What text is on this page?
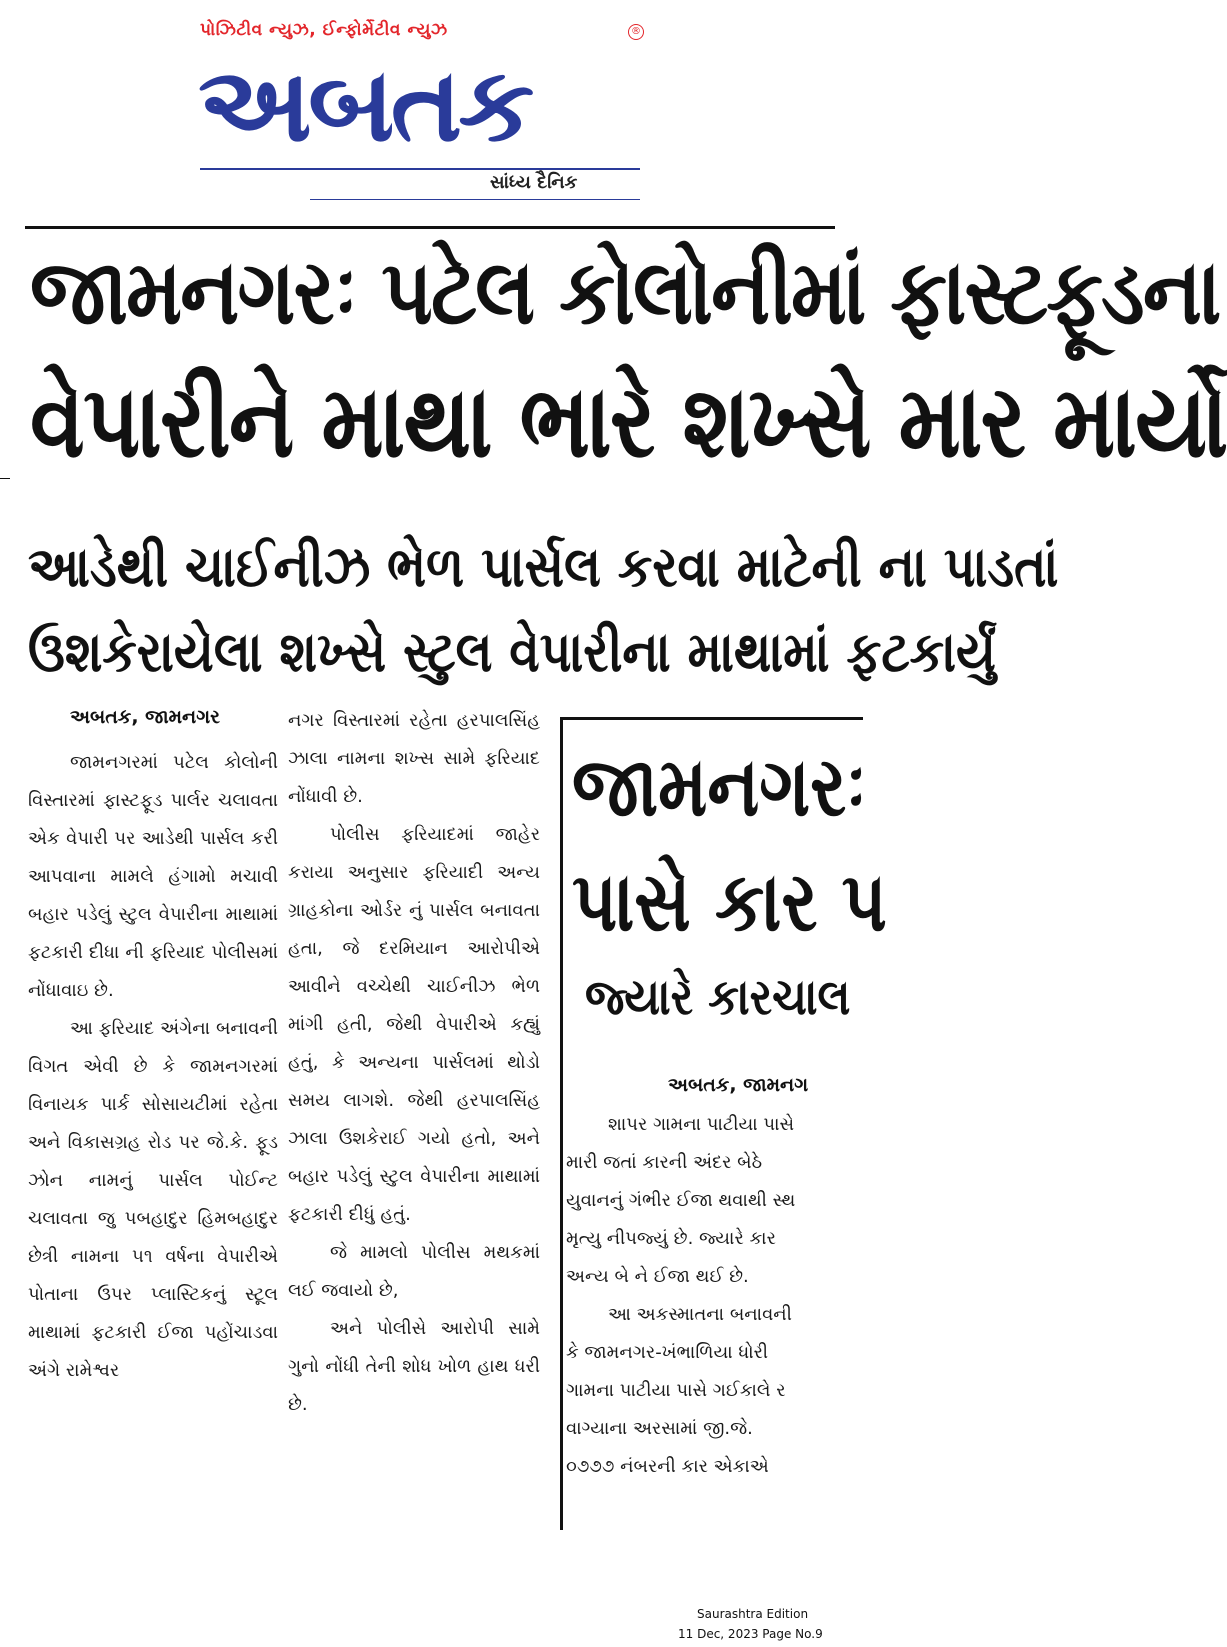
પોઝિટીવ ન્યુઝ, ઈન્ફોર્મેટીવ ન્યુઝ	®
અબતક
સાંધ્ય દૈનિક
જામનગરઃ પટેલ કોલોનીમાં ફાસ્ટફૂડના
વેપારીને માથા ભારે શખ્સે માર માર્યો
આડેથી ચાઈનીઝ ભેળ પાર્સલ કરવા માટેની ના પાડતાં
ઉશકેરાયેલા શખ્સે સ્ટુલ વેપારીના માથામાં ફટકાર્યું
અબતક, જામનગર

જામનગરમાં પટેલ કોલોની વિસ્તારમાં ફાસ્ટફૂડ પાર્લર ચલાવતા એક વેપારી પર આડેથી પાર્સલ કરી આપવાના મામલે હંગામો મચાવી બહાર પડેલું સ્ટુલ વેપારીના માથામાં ફટકારી દીધા ની ફરિયાદ પોલીસમાં નોંધાવાઇ છે.

આ ફરિયાદ અંગેના બનાવની વિગત એવી છે કે જામનગરમાં વિનાયક પાર્ક સોસાયટીમાં રહેતા અને વિકાસગ્રહ રોડ પર જે.કે. ફૂડ ઝોન નામનું પાર્સલ પોઈન્ટ ચલાવતા જુ પબહાદુર હિમબહાદુર છેત્રી નામના ૫૧ વર્ષના વેપારીએ પોતાના ઉપર પ્લાસ્ટિકનું સ્ટૂલ માથામાં ફટકારી ઈજા પહોંચાડવા અંગે રામેશ્વર

નગર વિસ્તારમાં રહેતા હરપાલસિંહ ઝાલા નામના શખ્સ સામે ફરિયાદ નોંધાવી છે.

પોલીસ ફરિયાદમાં જાહેર કરાયા અનુસાર ફરિયાદી અન્ય ગ્રાહકોના ઓર્ડર નું પાર્સલ બનાવતા હતા, જે દરમિયાન આરોપીએ આવીને વચ્ચેથી ચાઈનીઝ ભેળ માંગી હતી, જેથી વેપારીએ કહ્યું હતું, કે અન્યના પાર્સલમાં થોડો સમય લાગશે. જેથી હરપાલસિંહ ઝાલા ઉશકેરાઈ ગયો હતો, અને બહાર પડેલું સ્ટુલ વેપારીના માથામાં ફટકારી દીધું હતું.

જે મામલો પોલીસ મથકમાં લઈ જવાયો છે,

અને પોલીસે આરોપી સામે ગુનો નોંધી તેની શોધ ખોળ હાથ ધરી છે.

જામનગરઃ
પાસે કાર પ
જ્યારે કારચાલ
અબતક, જામનગ

શાપર ગામના પાટીયા પાસે

મારી જતાં કારની અંદર બેઠે

યુવાનનું ગંભીર ઈજા થવાથી સ્થ

મૃત્યુ નીપજ્યું છે. જ્યારે કાર

અન્ય બે ને ઈજા થઈ છે.

આ અકસ્માતના બનાવની

કે જામનગર-ખંભાળિયા ધોરી

ગામના પાટીયા પાસે ગઈકાલે ર

વાગ્યાના અરસામાં જી.જે.

૦૭૭૭ નંબરની કાર એકાએ

Saurashtra Edition
11 Dec, 2023 Page No.9
